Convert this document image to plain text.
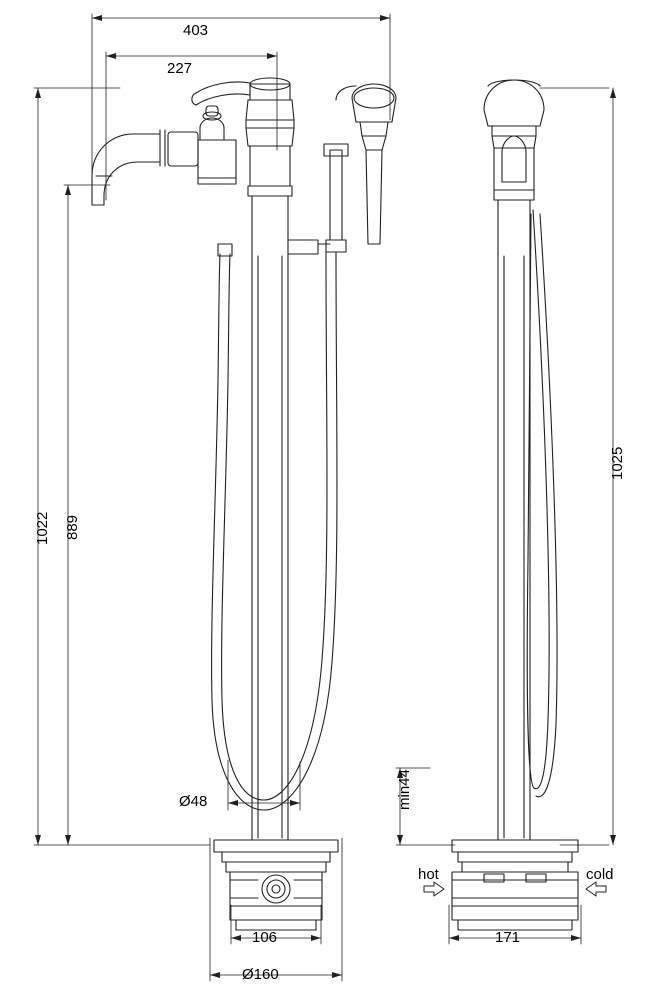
403
227
1022 889
1025
Ø48
106
Ø160
171
min44
hot	cold
